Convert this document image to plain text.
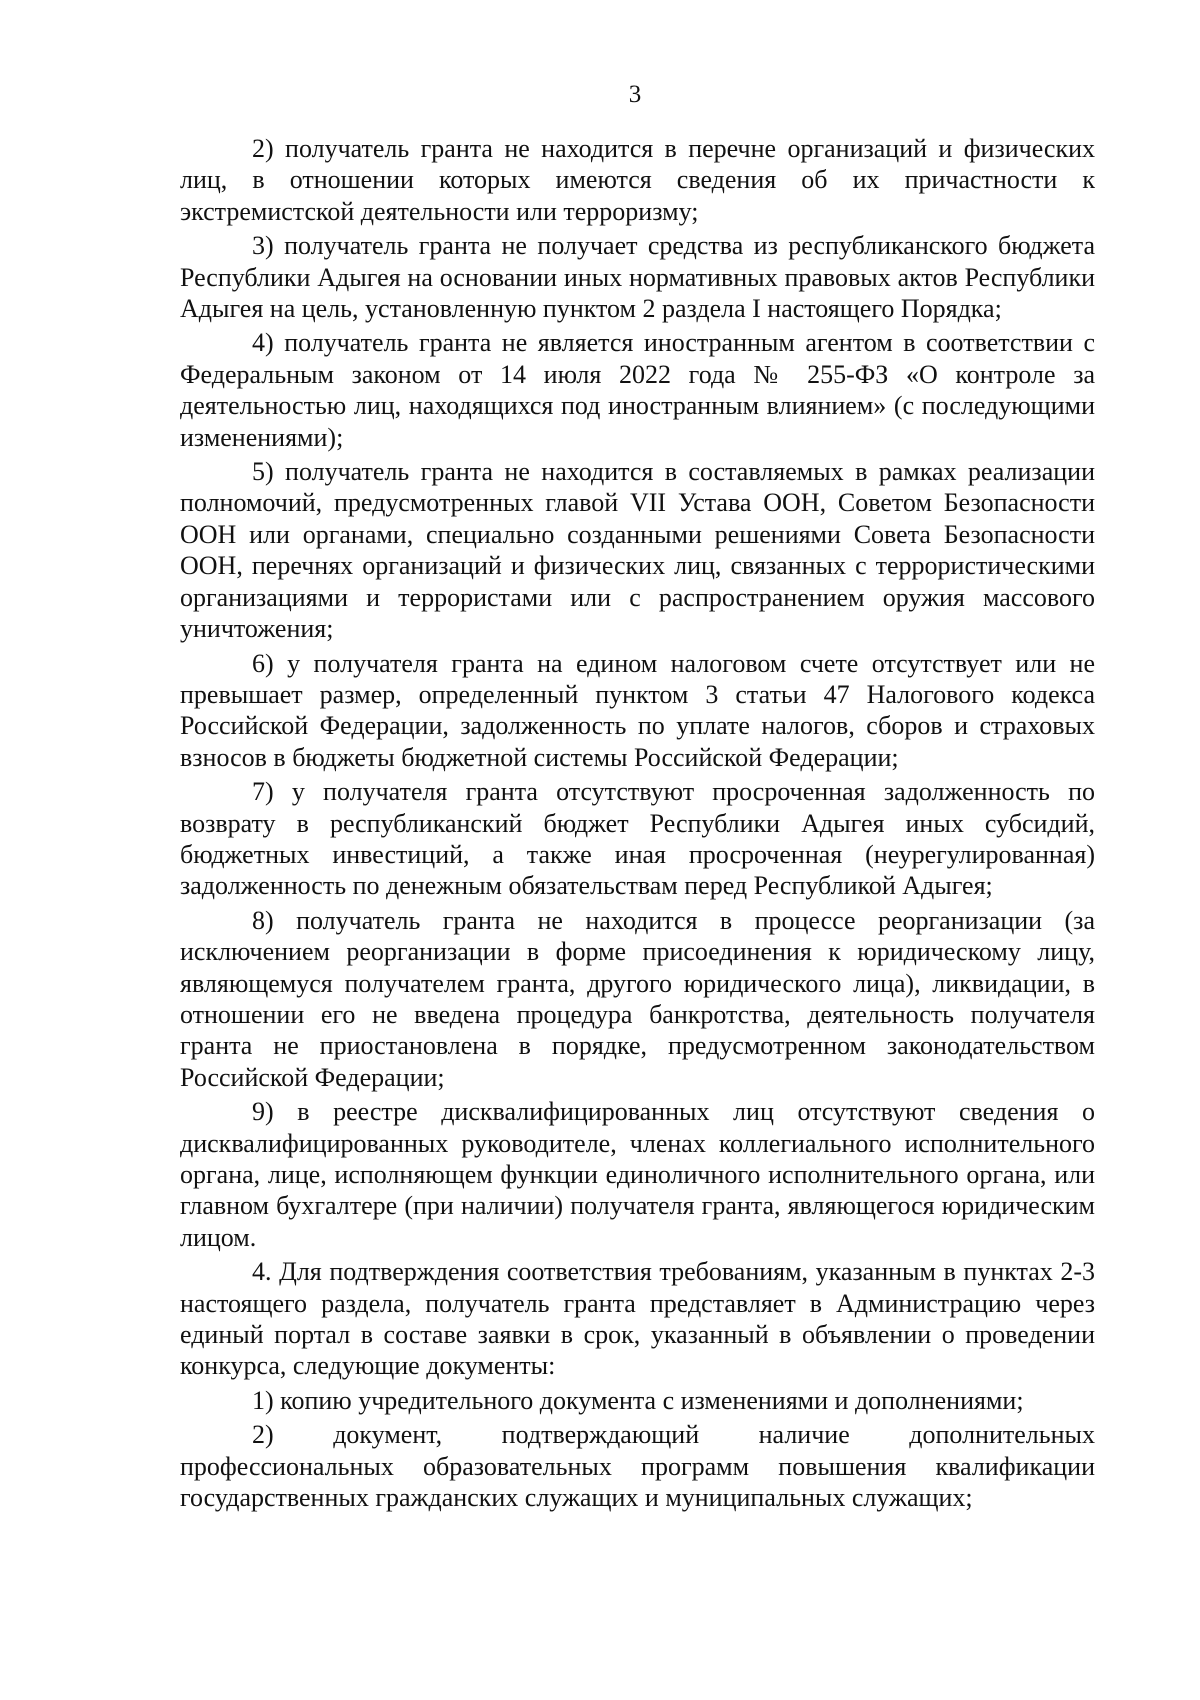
3

2) получатель гранта не находится в перечне организаций и физических лиц, в отношении которых имеются сведения об их причастности к экстремистской деятельности или терроризму;

3) получатель гранта не получает средства из республиканского бюджета Республики Адыгея на основании иных нормативных правовых актов Республики Адыгея на цель, установленную пунктом 2 раздела I настоящего Порядка;

4) получатель гранта не является иностранным агентом в соответствии с Федеральным законом от 14 июля 2022 года № 255-ФЗ «О контроле за деятельностью лиц, находящихся под иностранным влиянием» (с последующими изменениями);

5) получатель гранта не находится в составляемых в рамках реализации полномочий, предусмотренных главой VII Устава ООН, Советом Безопасности ООН или органами, специально созданными решениями Совета Безопасности ООН, перечнях организаций и физических лиц, связанных с террористическими организациями и террористами или с распространением оружия массового уничтожения;

6) у получателя гранта на едином налоговом счете отсутствует или не превышает размер, определенный пунктом 3 статьи 47 Налогового кодекса Российской Федерации, задолженность по уплате налогов, сборов и страховых взносов в бюджеты бюджетной системы Российской Федерации;

7) у получателя гранта отсутствуют просроченная задолженность по возврату в республиканский бюджет Республики Адыгея иных субсидий, бюджетных инвестиций, а также иная просроченная (неурегулированная) задолженность по денежным обязательствам перед Республикой Адыгея;

8) получатель гранта не находится в процессе реорганизации (за исключением реорганизации в форме присоединения к юридическому лицу, являющемуся получателем гранта, другого юридического лица), ликвидации, в отношении его не введена процедура банкротства, деятельность получателя гранта не приостановлена в порядке, предусмотренном законодательством Российской Федерации;

9) в реестре дисквалифицированных лиц отсутствуют сведения о дисквалифицированных руководителе, членах коллегиального исполнительного органа, лице, исполняющем функции единоличного исполнительного органа, или главном бухгалтере (при наличии) получателя гранта, являющегося юридическим лицом.

4. Для подтверждения соответствия требованиям, указанным в пунктах 2-3 настоящего раздела, получатель гранта представляет в Администрацию через единый портал в составе заявки в срок, указанный в объявлении о проведении конкурса, следующие документы:

1) копию учредительного документа с изменениями и дополнениями;

2) документ, подтверждающий наличие дополнительных профессиональных образовательных программ повышения квалификации государственных гражданских служащих и муниципальных служащих;
